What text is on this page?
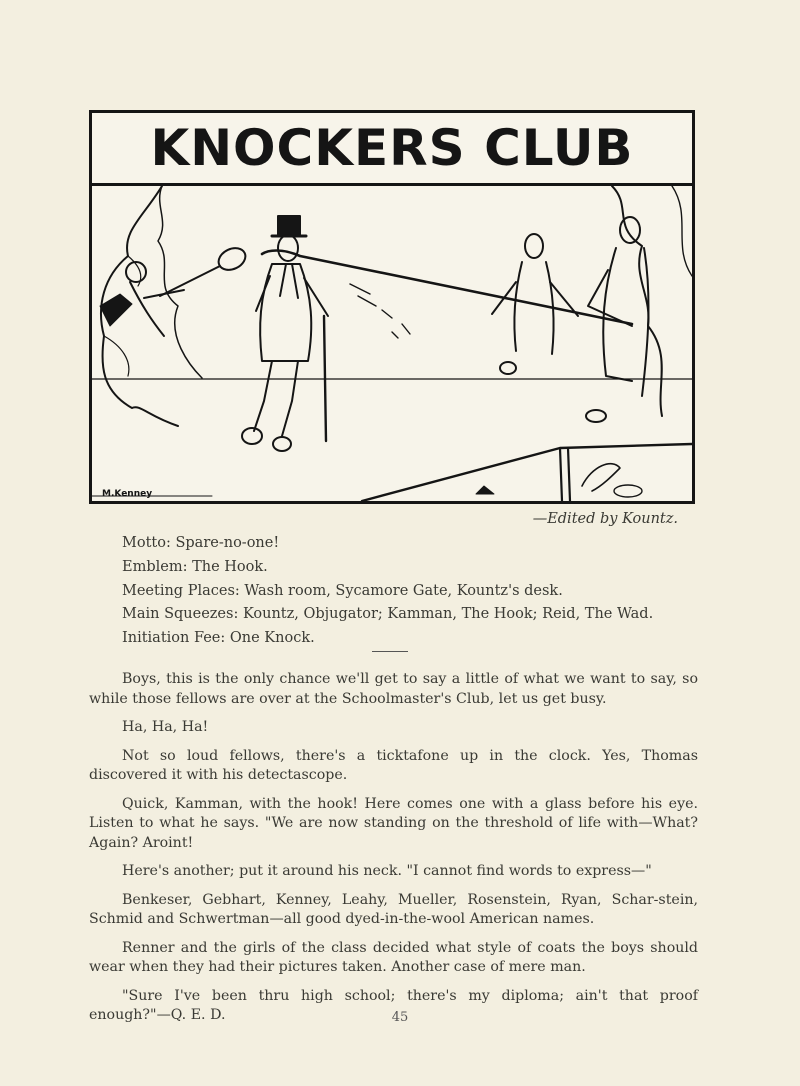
KNOCKERS CLUB
M.Kenney
—Edited by Kountz.
Motto: Spare-no-one!
Emblem: The Hook.
Meeting Places: Wash room, Sycamore Gate, Kountz's desk.
Main Squeezes: Kountz, Objugator; Kamman, The Hook; Reid, The Wad.
Initiation Fee: One Knock.

Boys, this is the only chance we'll get to say a little of what we want to say, so while those fellows are over at the Schoolmaster's Club, let us get busy.

Ha, Ha, Ha!

Not so loud fellows, there's a ticktafone up in the clock. Yes, Thomas discovered it with his detectascope.

Quick, Kamman, with the hook! Here comes one with a glass before his eye. Listen to what he says. "We are now standing on the threshold of life with—What? Again? Aroint!

Here's another; put it around his neck. "I cannot find words to express—"

Benkeser, Gebhart, Kenney, Leahy, Mueller, Rosenstein, Ryan, Schar-stein, Schmid and Schwertman—all good dyed-in-the-wool American names.

Renner and the girls of the class decided what style of coats the boys should wear when they had their pictures taken. Another case of mere man.

"Sure I've been thru high school; there's my diploma; ain't that proof enough?"—Q. E. D.	45
